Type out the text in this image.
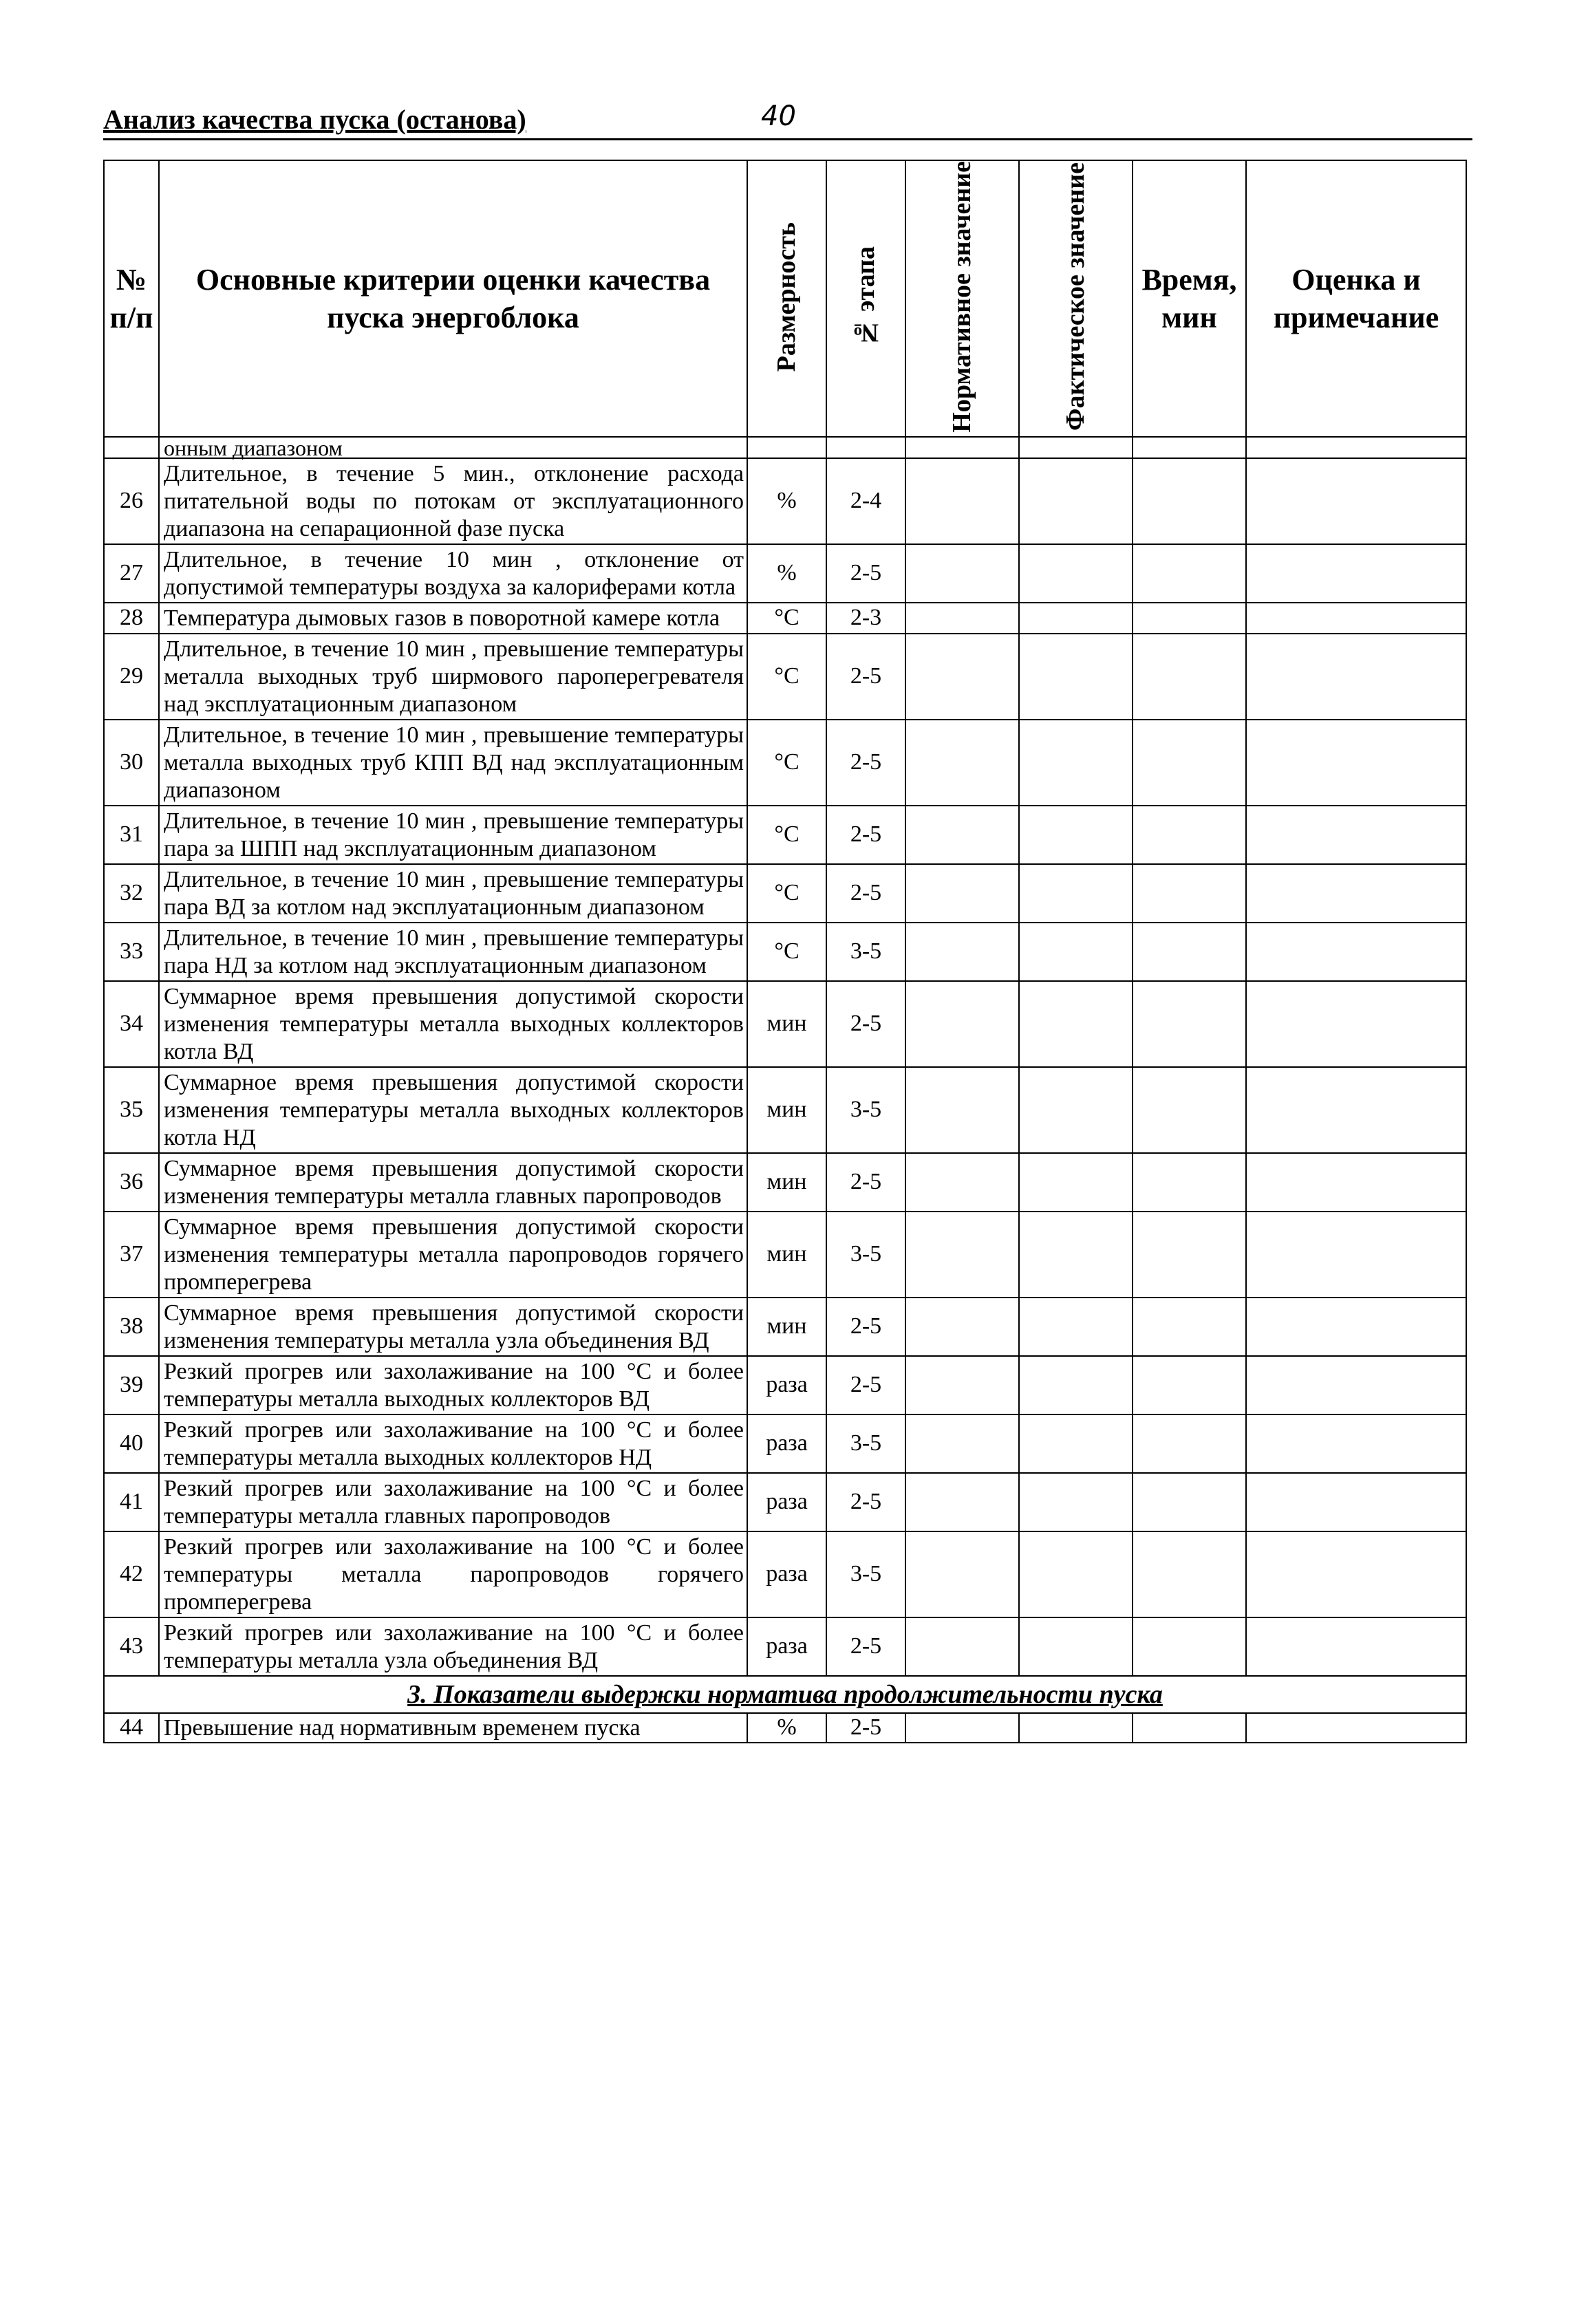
Анализ качества пуска (останова)	40
№ п/п	Основные критерии оценки качества пуска энергоблока	Размерность	№ этапа	Нормативное значение	Фактическое значение	Время, мин	Оценка и примечание
	онным диапазоном						
26	Длительное, в течение 5 мин., отклонение расхода питательной воды по потокам от эксплуатационного диапазона на сепарационной фазе пуска	%	2-4				
27	Длительное, в течение 10 мин , отклонение от допустимой температуры воздуха за калориферами котла	%	2-5				
28	Температура дымовых газов в поворотной камере котла	°C	2-3				
29	Длительное, в течение 10 мин , превышение температуры металла выходных труб ширмового пароперегревателя над эксплуатационным диапазоном	°C	2-5				
30	Длительное, в течение 10 мин , превышение температуры металла выходных труб КПП ВД над эксплуатационным диапазоном	°C	2-5				
31	Длительное, в течение 10 мин , превышение температуры пара за ШПП над эксплуатационным диапазоном	°C	2-5				
32	Длительное, в течение 10 мин , превышение температуры пара ВД за котлом над эксплуатационным диапазоном	°C	2-5				
33	Длительное, в течение 10 мин , превышение температуры пара НД за котлом над эксплуатационным диапазоном	°C	3-5				
34	Суммарное время превышения допустимой скорости изменения температуры металла выходных коллекторов котла ВД	мин	2-5				
35	Суммарное время превышения допустимой скорости изменения температуры металла выходных коллекторов котла НД	мин	3-5				
36	Суммарное время превышения допустимой скорости изменения температуры металла главных паропроводов	мин	2-5				
37	Суммарное время превышения допустимой скорости изменения температуры металла паропроводов горячего промперегрева	мин	3-5				
38	Суммарное время превышения допустимой скорости изменения температуры металла узла объединения ВД	мин	2-5				
39	Резкий прогрев или захолаживание на 100 °С и более температуры металла выходных коллекторов ВД	раза	2-5				
40	Резкий прогрев или захолаживание на 100 °С и более температуры металла выходных коллекторов НД	раза	3-5				
41	Резкий прогрев или захолаживание на 100 °С и более температуры металла главных паропроводов	раза	2-5				
42	Резкий прогрев или захолаживание на 100 °С и более температуры металла паропроводов горячего промперегрева	раза	3-5				
43	Резкий прогрев или захолаживание на 100 °С и более температуры металла узла объединения ВД	раза	2-5				
3. Показатели выдержки норматива продолжительности пуска							
44	Превышение над нормативным временем пуска	%	2-5				
